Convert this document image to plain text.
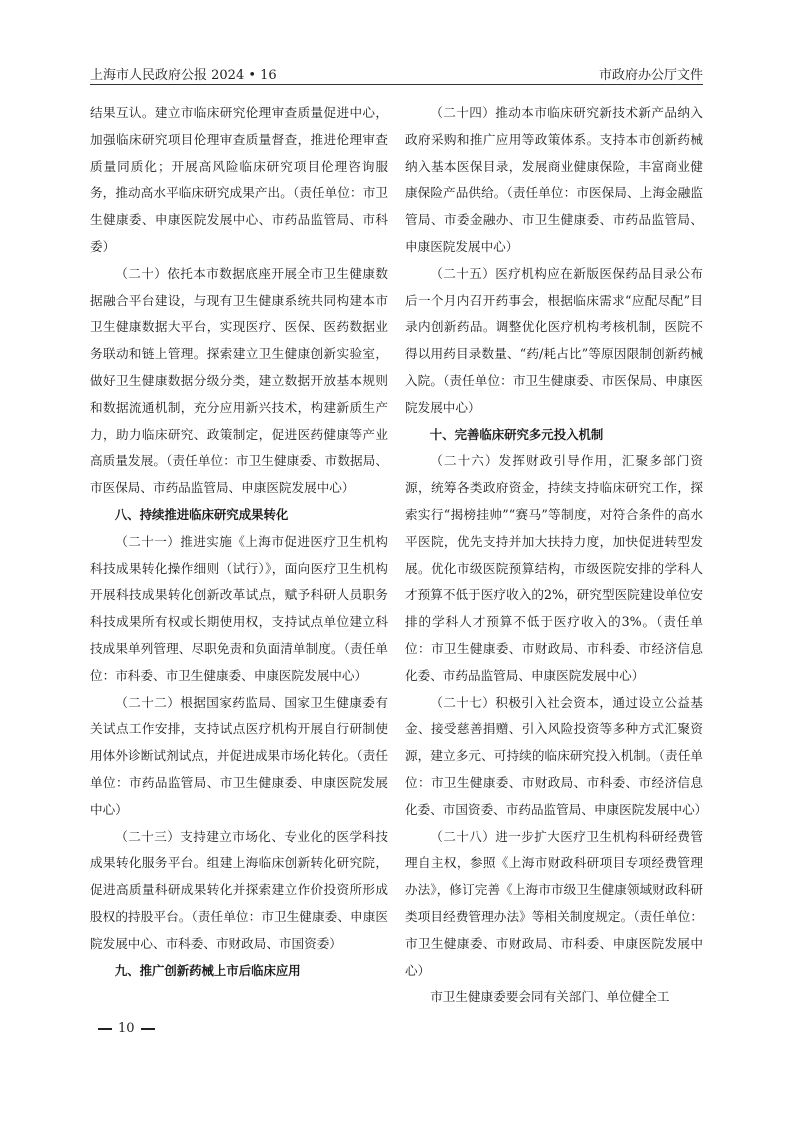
上海市人民政府公报 2024 • 16	市政府办公厅文件

结果互认。建立市临床研究伦理审查质量促进中心，加强临床研究项目伦理审查质量督查，推进伦理审查质量同质化；开展高风险临床研究项目伦理咨询服务，推动高水平临床研究成果产出。（责任单位：市卫生健康委、申康医院发展中心、市药品监管局、市科委）

（二十）依托本市数据底座开展全市卫生健康数据融合平台建设，与现有卫生健康系统共同构建本市卫生健康数据大平台，实现医疗、医保、医药数据业务联动和链上管理。探索建立卫生健康创新实验室，做好卫生健康数据分级分类，建立数据开放基本规则和数据流通机制，充分应用新兴技术，构建新质生产力，助力临床研究、政策制定，促进医药健康等产业高质量发展。（责任单位：市卫生健康委、市数据局、市医保局、市药品监管局、申康医院发展中心）

八、持续推进临床研究成果转化

（二十一）推进实施《上海市促进医疗卫生机构科技成果转化操作细则（试行）》，面向医疗卫生机构开展科技成果转化创新改革试点，赋予科研人员职务科技成果所有权或长期使用权，支持试点单位建立科技成果单列管理、尽职免责和负面清单制度。（责任单位：市科委、市卫生健康委、申康医院发展中心）

（二十二）根据国家药监局、国家卫生健康委有关试点工作安排，支持试点医疗机构开展自行研制使用体外诊断试剂试点，并促进成果市场化转化。（责任单位：市药品监管局、市卫生健康委、申康医院发展中心）

（二十三）支持建立市场化、专业化的医学科技成果转化服务平台。组建上海临床创新转化研究院，促进高质量科研成果转化并探索建立作价投资所形成股权的持股平台。（责任单位：市卫生健康委、申康医院发展中心、市科委、市财政局、市国资委）

九、推广创新药械上市后临床应用

（二十四）推动本市临床研究新技术新产品纳入政府采购和推广应用等政策体系。支持本市创新药械纳入基本医保目录，发展商业健康保险，丰富商业健康保险产品供给。（责任单位：市医保局、上海金融监管局、市委金融办、市卫生健康委、市药品监管局、申康医院发展中心）

（二十五）医疗机构应在新版医保药品目录公布后一个月内召开药事会，根据临床需求“应配尽配”目录内创新药品。调整优化医疗机构考核机制，医院不得以用药目录数量、“药/耗占比”等原因限制创新药械入院。（责任单位：市卫生健康委、市医保局、申康医院发展中心）

十、完善临床研究多元投入机制

（二十六）发挥财政引导作用，汇聚多部门资源，统筹各类政府资金，持续支持临床研究工作，探索实行“揭榜挂帅”“赛马”等制度，对符合条件的高水平医院，优先支持并加大扶持力度，加快促进转型发展。优化市级医院预算结构，市级医院安排的学科人才预算不低于医疗收入的2%，研究型医院建设单位安排的学科人才预算不低于医疗收入的3%。（责任单位：市卫生健康委、市财政局、市科委、市经济信息化委、市药品监管局、申康医院发展中心）

（二十七）积极引入社会资本，通过设立公益基金、接受慈善捐赠、引入风险投资等多种方式汇聚资源，建立多元、可持续的临床研究投入机制。（责任单位：市卫生健康委、市财政局、市科委、市经济信息化委、市国资委、市药品监管局、申康医院发展中心）

（二十八）进一步扩大医疗卫生机构科研经费管理自主权，参照《上海市财政科研项目专项经费管理办法》，修订完善《上海市市级卫生健康领域财政科研类项目经费管理办法》等相关制度规定。（责任单位：市卫生健康委、市财政局、市科委、申康医院发展中心）

市卫生健康委要会同有关部门、单位健全工

10
